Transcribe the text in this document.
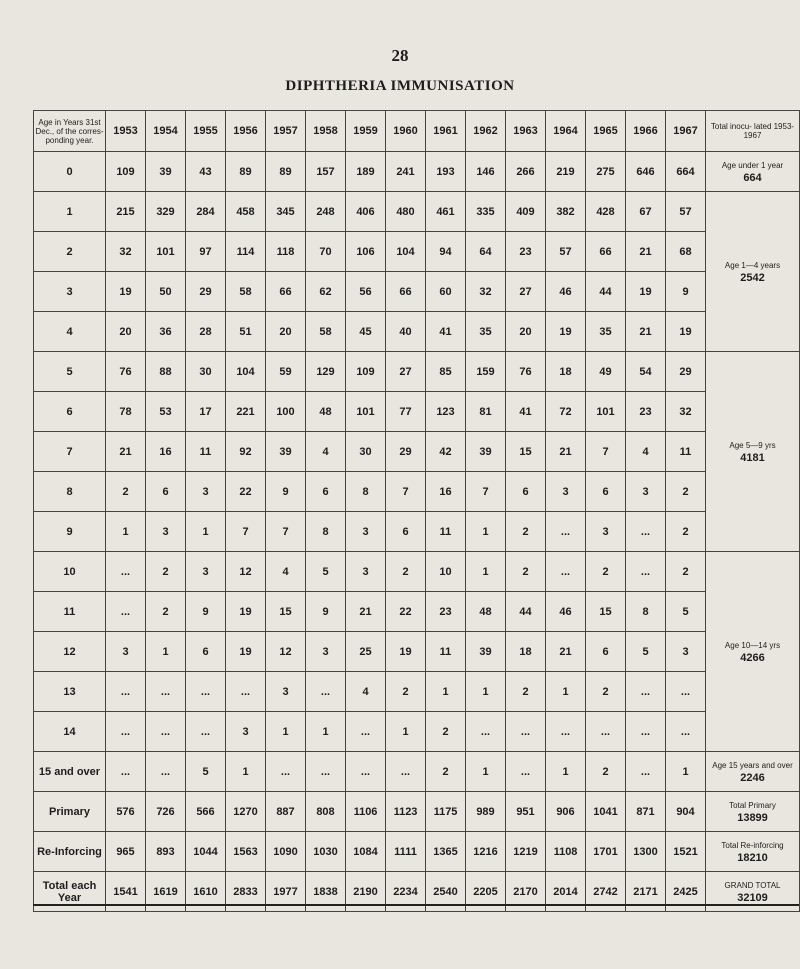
28
DIPHTHERIA IMMUNISATION
Age in Years 31st Dec., of the corres- ponding year.	1953	1954	1955	1956	1957	1958	1959	1960	1961	1962	1963	1964	1965	1966	1967	Total inocu- lated 1953-1967
0	109	39	43	89	89	157	189	241	193	146	266	219	275	646	664	Age under 1 year
664

1	215	329	284	458	345	248	406	480	461	335	409	382	428	67	57	Age 1—4 years
2542

2	32	101	97	114	118	70	106	104	94	64	23	57	66	21	68	
3	19	50	29	58	66	62	56	66	60	32	27	46	44	19	9	
4	20	36	28	51	20	58	45	40	41	35	20	19	35	21	19	
5	76	88	30	104	59	129	109	27	85	159	76	18	49	54	29	Age 5—9 yrs
4181

6	78	53	17	221	100	48	101	77	123	81	41	72	101	23	32	
7	21	16	11	92	39	4	30	29	42	39	15	21	7	4	11	
8	2	6	3	22	9	6	8	7	16	7	6	3	6	3	2	
9	1	3	1	7	7	8	3	6	11	1	2	...	3	...	2	
10	...	2	3	12	4	5	3	2	10	1	2	...	2	...	2	Age 10—14 yrs
4266

11	...	2	9	19	15	9	21	22	23	48	44	46	15	8	5	
12	3	1	6	19	12	3	25	19	11	39	18	21	6	5	3	
13	...	...	...	...	3	...	4	2	1	1	2	1	2	...	...	
14	...	...	...	3	1	1	...	1	2	...	...	...	...	...	...	
15 and over	...	...	5	1	...	...	...	...	2	1	...	1	2	...	1	Age 15 years and over
2246

Primary	576	726	566	1270	887	808	1106	1123	1175	989	951	906	1041	871	904	Total Primary
13899

Re-Inforcing	965	893	1044	1563	1090	1030	1084	1111	1365	1216	1219	1108	1701	1300	1521	Total Re-inforcing
18210

Total each Year	1541	1619	1610	2833	1977	1838	2190	2234	2540	2205	2170	2014	2742	2171	2425	GRAND TOTAL
32109
